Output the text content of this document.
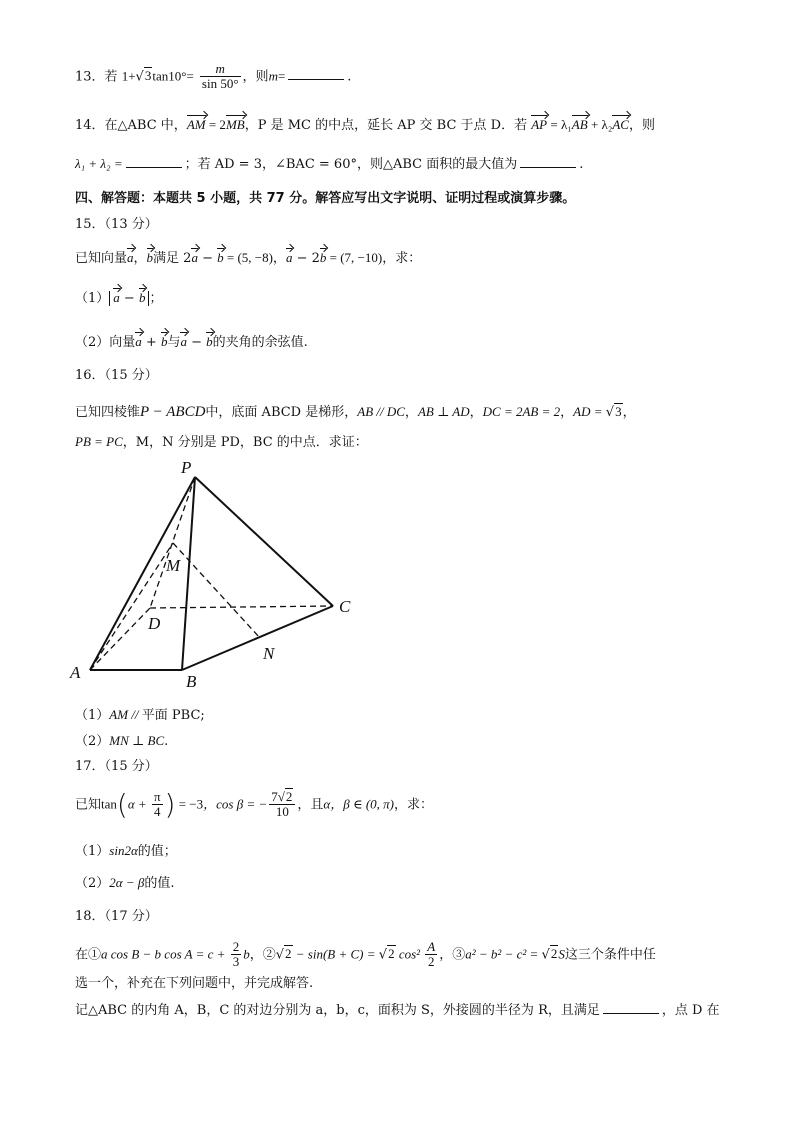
13．若 $1+√3\tan 10^\circ= \frac{m}{\sin 50^\circ}$ ，则m=	.
14．在△ABC 中，AM = 2MB，P 是 MC 的中点，延长 AP 交 BC 于点 D．若 AP = λ₁AB + λ₂AC，则
λ₁ + λ₂ =	；若 AD = 3，∠BAC = 60°，则△ABC 面积的最大值为	.
四、解答题：本题共 5 小题，共 77 分。解答应写出文字说明、证明过程或演算步骤。
15．（13 分）
已知向量a，b满足 2a − b = (5, −8)，a − 2b = (7, −10)，求：
（1） a − b ；
（2）向量a + b与a − b的夹角的余弦值.
16．（15 分）
已知四棱锥P − ABCD中，底面 ABCD 是梯形，AB // DC，AB ⊥ AD，DC = 2AB = 2，AD = √3，
PB = PC，M，N 分别是 PD，BC 的中点．求证：
P
M
D
C
N
A	B
（1）AM // 平面 PBC;
（2）MN ⊥ BC.
17．（15 分）
已知$\tan(\alpha + \frac{\pi}{4}$ ) = −3，cos β = − $\frac{7√2}{10}$ ，且α，β ∈ (0, π)，求：
（1）sin2α的值；
（2）2α − β的值.
18．（17 分）
在①a cos B − b $\cos A = c + \frac{2}{3}$ b，②√2 − sin(B + C) = √2 $\cos^2 \frac{A}{2}$ ，③a² − b² − c² = √2S这三个条件中任
选一个，补充在下列问题中，并完成解答.
记△ABC 的内角 A，B，C 的对边分别为 a，b，c，面积为 S，外接圆的半径为 R，且满足	，点 D 在
